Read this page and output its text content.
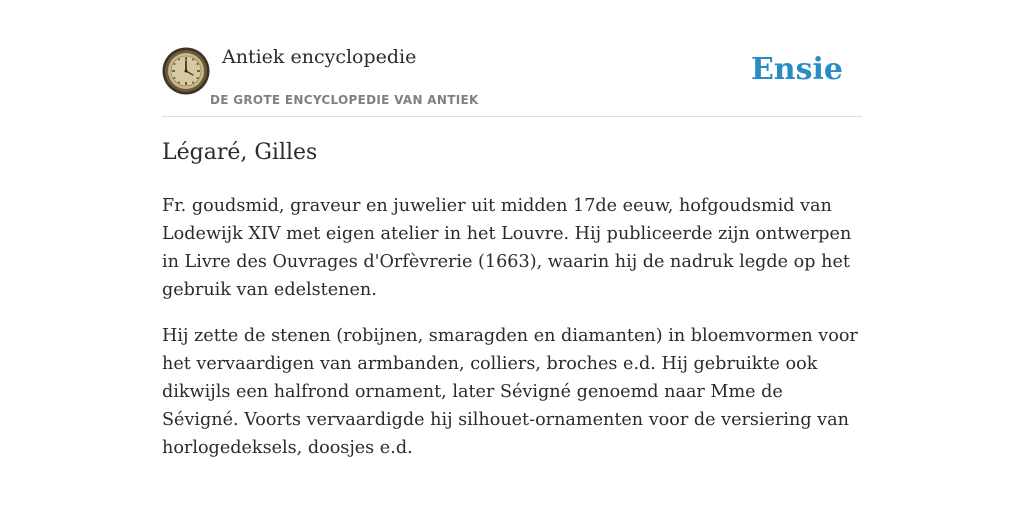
Antiek encyclopedie
DE GROTE ENCYCLOPEDIE VAN ANTIEK
Ensie
Légaré, Gilles

Fr. goudsmid, graveur en juwelier uit midden 17de eeuw, hofgoudsmid van Lodewijk XIV met eigen atelier in het Louvre. Hij publiceerde zijn ontwerpen in Livre des Ouvrages d'Orfèvrerie (1663), waarin hij de nadruk legde op het gebruik van edelstenen.

Hij zette de stenen (robijnen, smaragden en diamanten) in bloemvormen voor het vervaardigen van armbanden, colliers, broches e.d. Hij gebruikte ook dikwijls een halfrond ornament, later Sévigné genoemd naar Mme de Sévigné. Voorts vervaardigde hij silhouet-ornamenten voor de versiering van horlogedeksels, doosjes e.d.
